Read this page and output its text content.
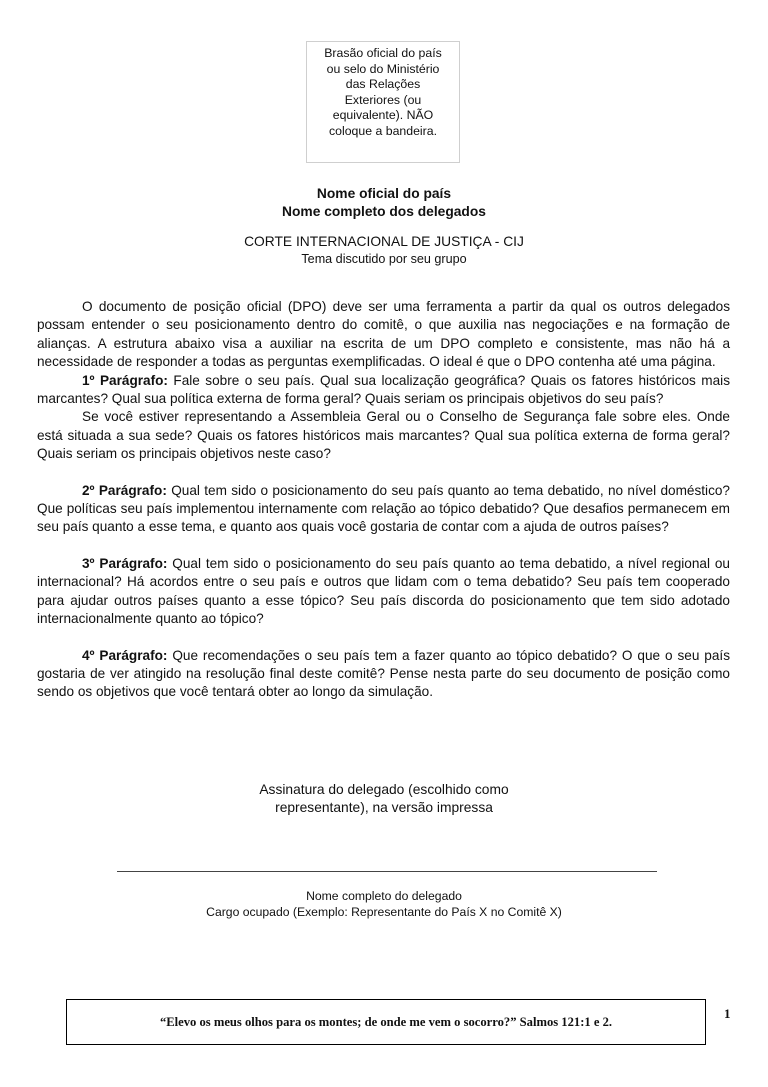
Brasão oficial do país
ou selo do Ministério
das Relações
Exteriores (ou
equivalente). NÃO
coloque a bandeira.
Nome oficial do país
Nome completo dos delegados
CORTE INTERNACIONAL DE JUSTIÇA - CIJ
Tema discutido por seu grupo

O documento de posição oficial (DPO) deve ser uma ferramenta a partir da qual os outros delegados possam entender o seu posicionamento dentro do comitê, o que auxilia nas negociações e na formação de alianças. A estrutura abaixo visa a auxiliar na escrita de um DPO completo e consistente, mas não há a necessidade de responder a todas as perguntas exemplificadas. O ideal é que o DPO contenha até uma página.

1º Parágrafo: Fale sobre o seu país. Qual sua localização geográfica? Quais os fatores históricos mais marcantes? Qual sua política externa de forma geral? Quais seriam os principais objetivos do seu país?

Se você estiver representando a Assembleia Geral ou o Conselho de Segurança fale sobre eles. Onde está situada a sua sede? Quais os fatores históricos mais marcantes? Qual sua política externa de forma geral? Quais seriam os principais objetivos neste caso?

2º Parágrafo: Qual tem sido o posicionamento do seu país quanto ao tema debatido, no nível doméstico? Que políticas seu país implementou internamente com relação ao tópico debatido? Que desafios permanecem em seu país quanto a esse tema, e quanto aos quais você gostaria de contar com a ajuda de outros países?

3º Parágrafo: Qual tem sido o posicionamento do seu país quanto ao tema debatido, a nível regional ou internacional? Há acordos entre o seu país e outros que lidam com o tema debatido? Seu país tem cooperado para ajudar outros países quanto a esse tópico? Seu país discorda do posicionamento que tem sido adotado internacionalmente quanto ao tópico?

4º Parágrafo: Que recomendações o seu país tem a fazer quanto ao tópico debatido? O que o seu país gostaria de ver atingido na resolução final deste comitê? Pense nesta parte do seu documento de posição como sendo os objetivos que você tentará obter ao longo da simulação.

Assinatura do delegado (escolhido como
representante), na versão impressa
Nome completo do delegado
Cargo ocupado (Exemplo: Representante do País X no Comitê X)
“Elevo os meus olhos para os montes; de onde me vem o socorro?” Salmos 121:1 e 2.
1
